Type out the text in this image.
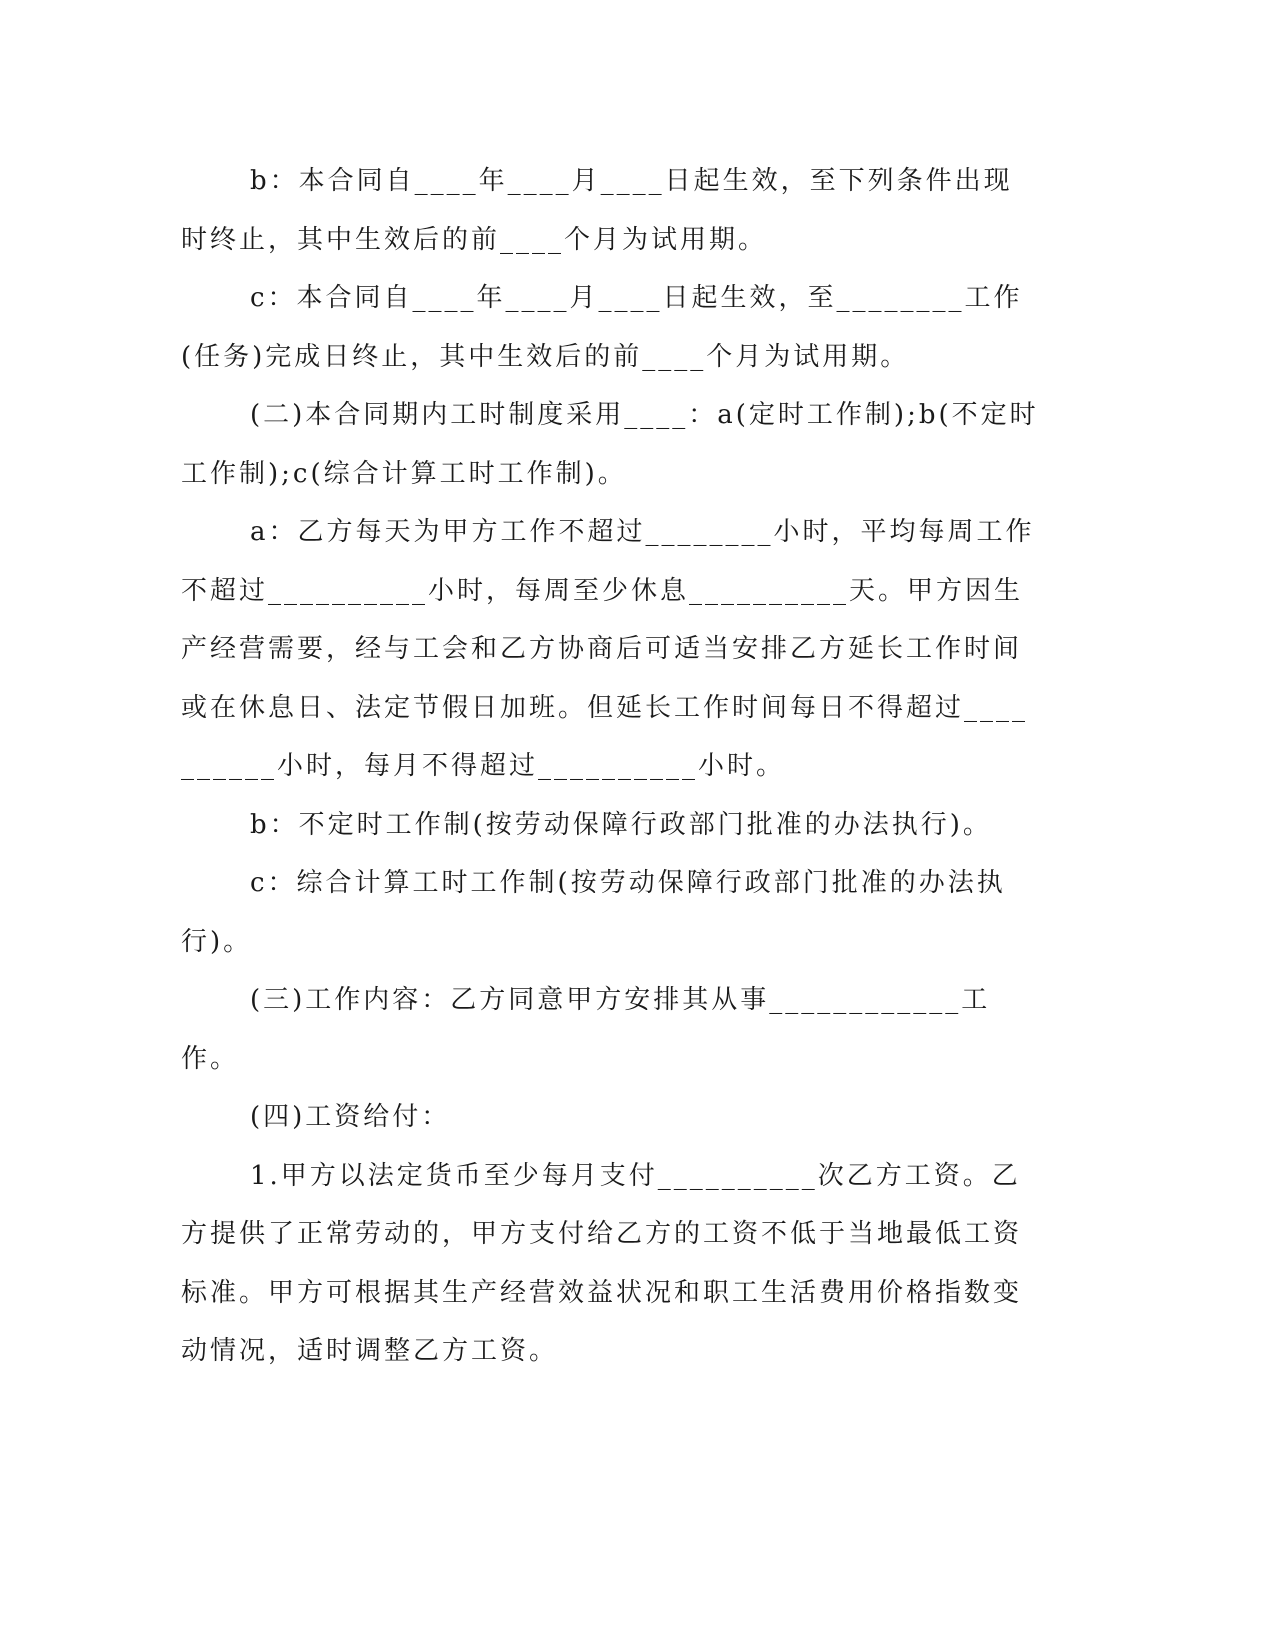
b：本合同自____年____月____日起生效，至下列条件出现时终止，其中生效后的前____个月为试用期。

c：本合同自____年____月____日起生效，至________工作(任务)完成日终止，其中生效后的前____个月为试用期。

(二)本合同期内工时制度采用____：a(定时工作制);b(不定时工作制);c(综合计算工时工作制)。

a：乙方每天为甲方工作不超过________小时，平均每周工作不超过__________小时，每周至少休息__________天。甲方因生产经营需要，经与工会和乙方协商后可适当安排乙方延长工作时间或在休息日、法定节假日加班。但延长工作时间每日不得超过__________小时，每月不得超过__________小时。

b：不定时工作制(按劳动保障行政部门批准的办法执行)。

c：综合计算工时工作制(按劳动保障行政部门批准的办法执行)。

(三)工作内容：乙方同意甲方安排其从事____________工作。

(四)工资给付：

1.甲方以法定货币至少每月支付__________次乙方工资。乙方提供了正常劳动的，甲方支付给乙方的工资不低于当地最低工资标准。甲方可根据其生产经营效益状况和职工生活费用价格指数变动情况，适时调整乙方工资。
